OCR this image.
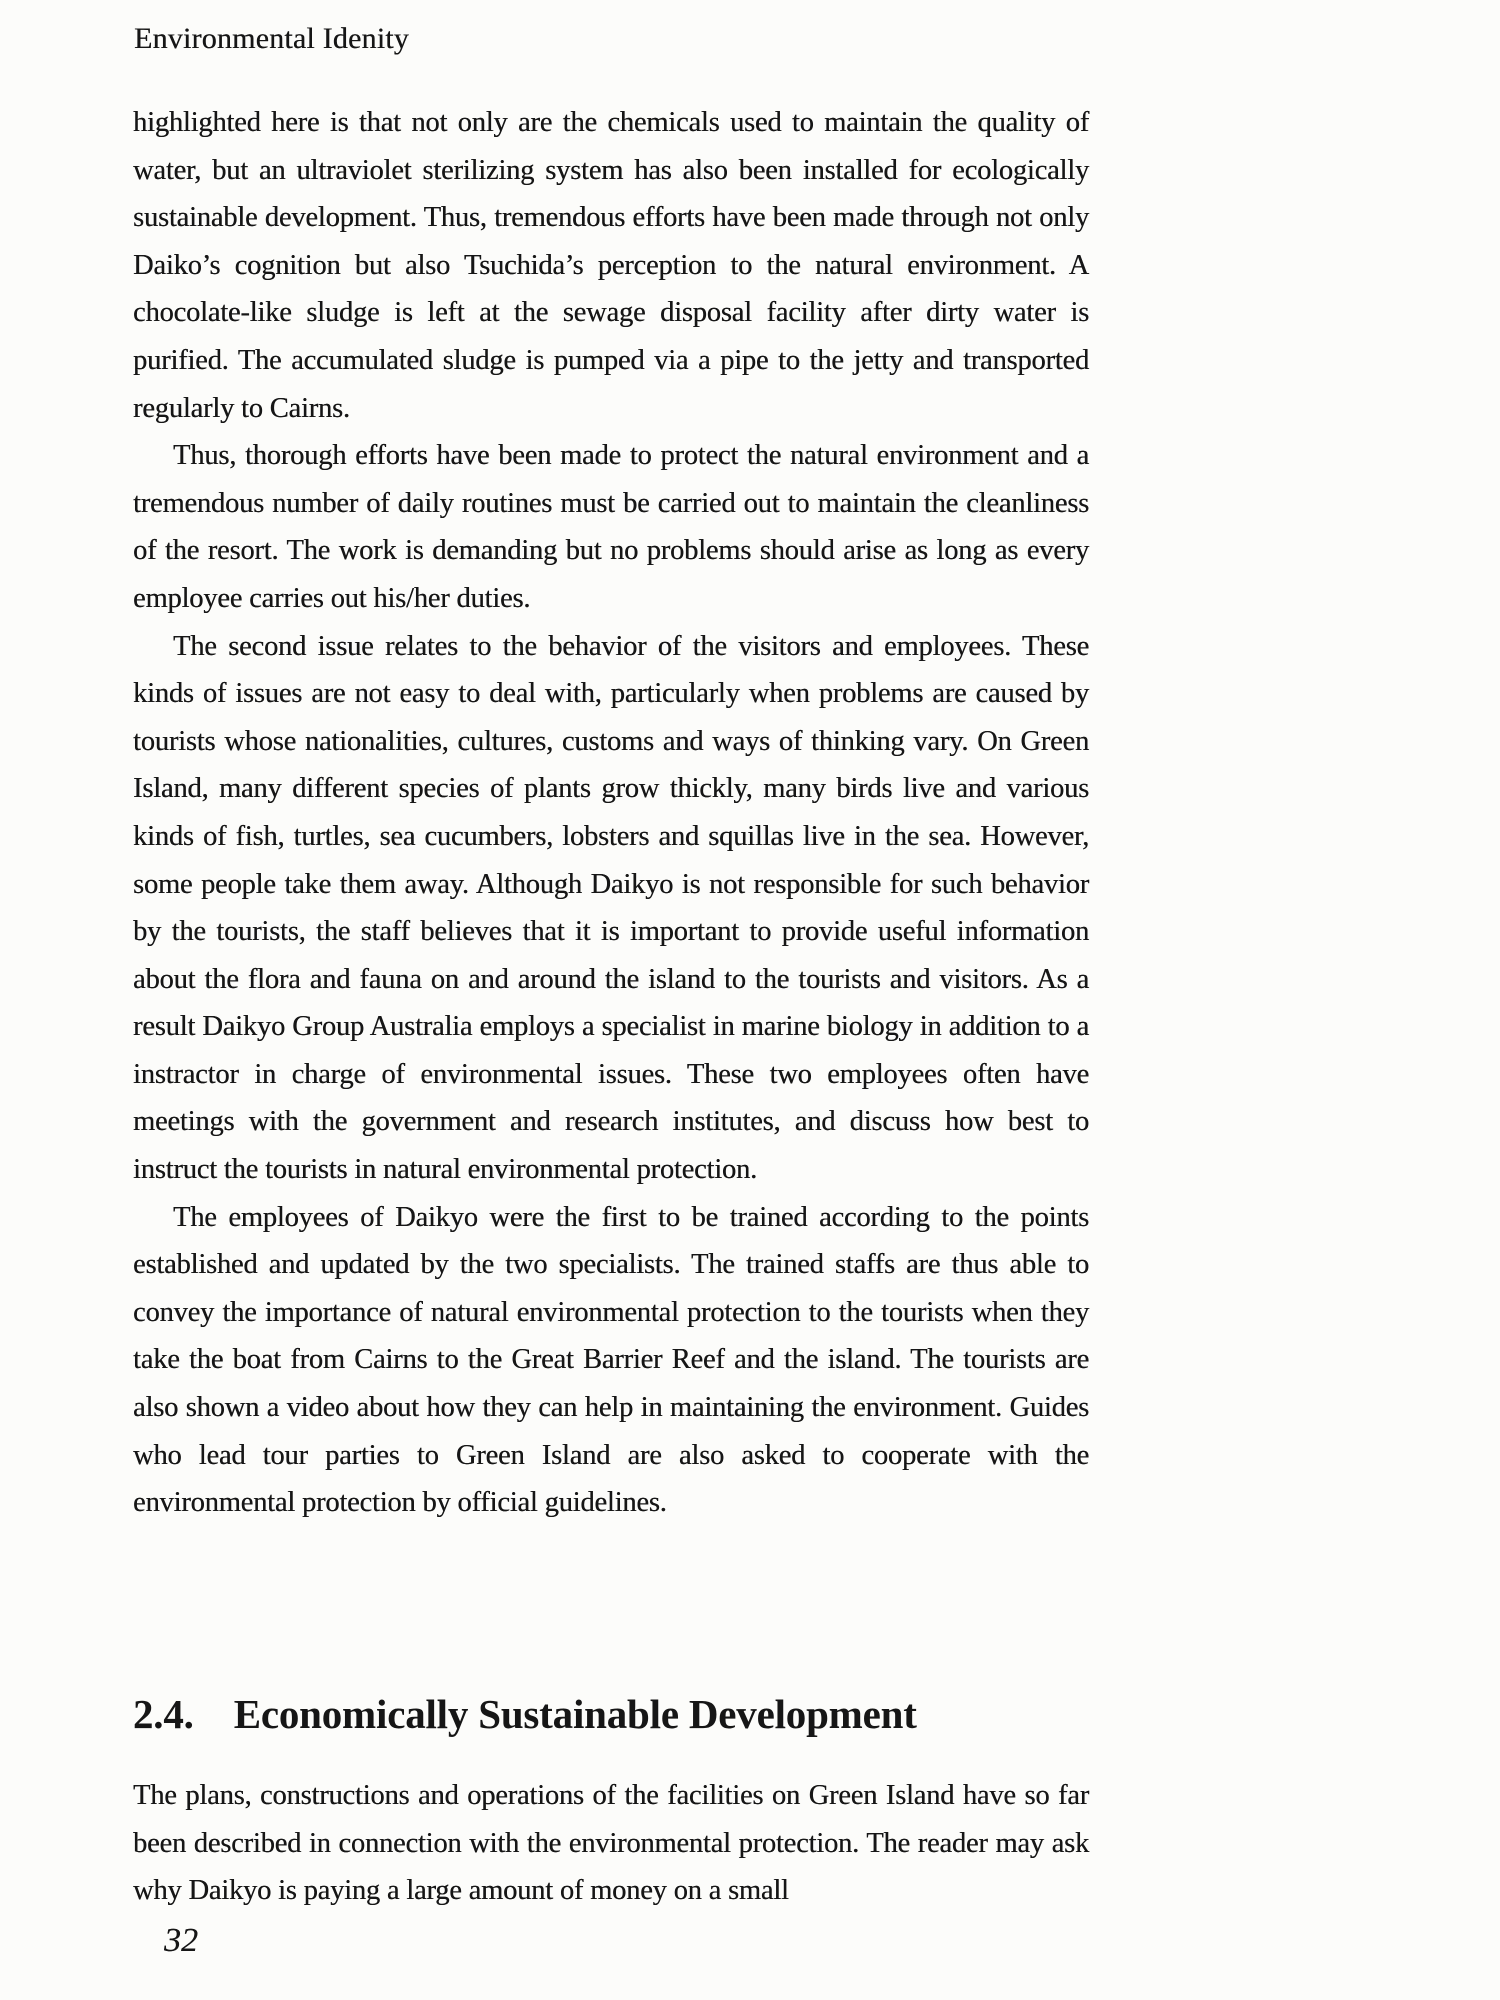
Environmental Idenity

highlighted here is that not only are the chemicals used to maintain the quality of water, but an ultraviolet sterilizing system has also been installed for ecologically sustainable development. Thus, tremendous efforts have been made through not only Daiko’s cognition but also Tsuchida’s perception to the natural environment. A chocolate-like sludge is left at the sewage disposal facility after dirty water is purified. The accumulated sludge is pumped via a pipe to the jetty and transported regularly to Cairns.

Thus, thorough efforts have been made to protect the natural environment and a tremendous number of daily routines must be carried out to maintain the cleanliness of the resort. The work is demanding but no problems should arise as long as every employee carries out his/her duties.

The second issue relates to the behavior of the visitors and employees. These kinds of issues are not easy to deal with, particularly when problems are caused by tourists whose nationalities, cultures, customs and ways of thinking vary. On Green Island, many different species of plants grow thickly, many birds live and various kinds of fish, turtles, sea cucumbers, lobsters and squillas live in the sea. However, some people take them away. Although Daikyo is not responsible for such behavior by the tourists, the staff believes that it is important to provide useful information about the flora and fauna on and around the island to the tourists and visitors. As a result Daikyo Group Australia employs a specialist in marine biology in addition to a instractor in charge of environmental issues. These two employees often have meetings with the government and research institutes, and discuss how best to instruct the tourists in natural environmental protection.

The employees of Daikyo were the first to be trained according to the points established and updated by the two specialists. The trained staffs are thus able to convey the importance of natural environmental protection to the tourists when they take the boat from Cairns to the Great Barrier Reef and the island. The tourists are also shown a video about how they can help in maintaining the environment. Guides who lead tour parties to Green Island are also asked to cooperate with the environmental protection by official guidelines.

2.4. Economically Sustainable Development

The plans, constructions and operations of the facilities on Green Island have so far been described in connection with the environmental protection. The reader may ask why Daikyo is paying a large amount of money on a small

32
